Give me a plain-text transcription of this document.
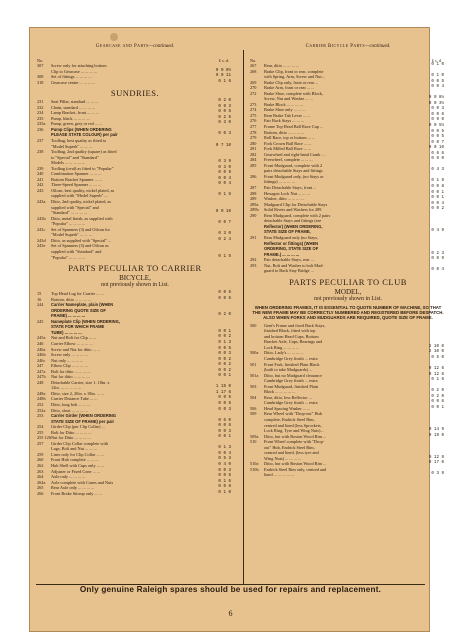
Gearcase and Parts—continued.
No.	£ s. d.
307	Screw only for attaching bottom
Clip to Gearcase ... ... ... ...	0 0 0½
308	Set of fittings ... ... ... ...	0 0 11
318	Gearcase centre ... ... ... ...	0 1 6
SUNDRIES.
231	Seat Pillar, standard ... ... ...	0 2 0
232	Chain, standard ... ... ... ...	0 9 3
234	Lamp Bracket, front ... ... ...	0 0 6
235	Pump, black ... ... ... ...	0 2 6
235a	Pump, green, grey or red ... ...	0 3 0
236	Pump Clips (WHEN ORDERING
PLEASE STATE COLOUR) per pair	0 0 3
237	Toolbag, best quality as fitted to
"Model Superb" ... ... ...	0 7 10
238	Toolbag, 2nd quality (square) as fitted
to "Special" and "Standard"
Models ... ... ... ... ...	0 3 9
239	Toolbag (oval) as fitted to "Popular"	0 3 0
240	Combination Spanner ... ... ...	0 0 9
241	Bottom Bracket Spanner ... ...	0 0 4
242	Three-Speed Spanner ... ... ...	0 0 4
243	Oilcan, best quality, nickel plated, as
supplied with "Model Superb" ...	0 1 6
243a	Ditto, 2nd quality, nickel plated, as
supplied with "Special" and
"Standard" ... ... ... ...	0 0 10
243b	Ditto, metal finish, as supplied with
"Popular" ... ... ... ...	0 0 7
243c	Set of Spanners (3) and Oilcan for
"Model Superb" ... ... ...	0 3 0
243d	Ditto, as supplied with "Special" ...	0 2 4
243e	Set of Spanners (3) and Oilcan as
supplied with "Standard" and
"Popular" ... ... ... ...	0 1 5
PARTS PECULIAR TO CARRIER
BICYCLE,
not previously shown in List.
15	Top Head Lug for Carrier ... ...	0 0 6
16	Bottom, ditto ... ... ... ...	0 0 6
244	Carrier Nameplate, plain (WHEN
ORDERING QUOTE SIZE OF
FRAME) ... ... ... ...	0 2 0
245	Nameplate Clip (WHEN ORDERING,
STATE FOR WHICH FRAME
TUBE) ... ... ... ...	0 0 1
245a	Nut and Bolt for Clip ... ...	0 0 2
246	Carrier Elbow ... ... ... ...	0 1 3
246a	Screw and Nut for ditto ... ...	0 0 5
246b	Screw only ... ... ... ...	0 0 3
246c	Nut only ... ... ... ...	0 0 2
247	Elbow Clip ... ... ... ...	0 0 2
247a	Bolt for ditto ... ... ... ...	0 0 2
247b	Nut for ditto ... ... ... ...	0 0 1
248	Detachable Carrier, size 1, 18in. x
12in. ... ... ... ... ...	1 15 0
248a	Ditto, size 2, 20in. x 18in. ... ...	1 17 6
248b	Carrier Distance Tube ... ...	0 0 6
252	Ditto, long bolt ... ... ...	0 0 6
252a	Ditto, short ... ... ... ...	0 0 3
253	Carrier Girder (WHEN ORDERING
STATE SIZE OF FRAME) per pair	0 6 0
254	Girder Clip (per Clip Collar) ...	0 0 6
255	Bolt for Ditto ... ... ... ...	0 0 3
255 126 Nut for Ditto ... ... ... ...	0 0 1
257	Girder Clip Collar complete with
Lugs, Bolt and Nut ... ... ...	0 1 3
259	Liner only for Clip Collar ... ...	0 0 4
260	Front Hub complete ... ... ...	0 5 3
262	Hub Shell with Cups only ... ...	0 4 0
263	Adjuster or Fixed Cone ... ...	0 0 3
264	Axle only ... ... ... ...	0 0 6
264a	Axle complete with Cones and Nuts	0 1 6
265	Rear Axle only ... ... ... ...	0 0 8
266	Front Brake Stirrup only ... ...	0 1 0
Carrier Bicycle Parts—continued.
No.	£ s. d.
267	Rear, ditto ... ... ... ...	0 1 0
268	Brake Clip, front or rear, complete
with Spring, Arm, Screw and Nut...	0 1 0
269	Brake Clip only, front or rear ...	0 0 5
270	Brake Arm, front or rear ... ...	0 0 4
272	Brake Shoe, complete with Block,
Screw, Nut and Washer ... ...	0 0 8½
273	Brake Block ... ... ... ...	0 0 3½
274	Brake Shoe only ... ... ...	0 0 3
275	Rear Brake Tab Lever ... ...	0 0 6
276	Fair Back Stays ... ... ...	0 9 0
277	Frame Top Head Ball Race Cup ...	0 0 5½
278	Bottom, ditto ... ... ... ...	0 0 5
279	Roll Race, top or bottom ... ...	0 0 5
280	Fork Crown Ball Race ... ...	0 0 7
281	Fork Milled Ball Race ... ...	0 0 10
282	Gearwheel and right-hand Crank ...	0 6 6
284	Freewheel, complete ... ... ...	0 6 0
285	Front Mudguard, complete with 2
pairs detachable Stays and fittings	0 4 3
286	Front Mudguard only, (no Stays or
fittings) ... ... ... ...	0 1 9
287	Pair Detachable Stays, front ...	0 0 8
288	Hexagon Lock Nut ... ... ...	0 0 1
289	Washer, ditto ... ... ... ...	0 0 1
289a	Mudguard Clip for Detachable Stays	0 0 4
289b	Solid Rivets and Washers for 289	0 0 2
290	Rear Mudguard, complete with 2 pairs
detachable Stays and fittings (see
Reflector) (WHEN ORDERING,
STATE SIZE OF FRAME,	0 4 9
291	Rear Mudguard only (no Stays,
Reflector or fittings) (WHEN
ORDERING, STATE SIZE OF
FRAME.) ... ... ... ...	0 2 3
292	Pair detachable Stays, rear ...	0 0 9
293	Nut, Bolt and Washer to bolt Mud-
guard to Back Stay Bridge ...	0 0 4
PARTS PECULIAR TO CLUB
MODEL,
not previously shown in List.
WHEN ORDERING FRAMES, IT IS ESSENTIAL TO QUOTE NUMBER OF MACHINE, SO THAT THE NEW FRAME MAY BE CORRECTLY NUMBERED AND REGISTERED BEFORE DESPATCH. ALSO WHEN FORKS AND MUDGUARDS ARE REQUIRED, QUOTE SIZE OF FRAME.
500	Gent's Frame and fixed Back Stays,
finished Black, fitted with top
and bottom Head Cups, Bottom
Bracket Axle, Cups, Bearings and
Lock Ring ... ... ... ...	2 10 0
500a	Ditto, Lady's ... ... ... ...	2 10 0
Cambridge Grey finish ... extra	0 5 0
501	Front Fork, finished Plain Black
(built to take Mudguards) ...	0 12 6
501a	Ditto, but no Mudguard clearance	0 12 6
Cambridge Grey finish ... extra	0 1 6
503	Front Mudguard, finished Plain
Black ... ... ... ... ...	0 2 0
504	Rear, ditto, less Reflector ...	0 2 0
Cambridge Grey finish ... extra	0 0 6
506	Head Spacing Washer ... ...	0 0 1
509	Rear Wheel with "Drop-out" Hub
complete, Endrick Steel Rim,
centred and lined (less Sprockets,
Lock Ring, Tyre and Wing Nuts)...	0 14 9
509a	Ditto, but with Boston Wood Rim ...	0 19 0
510	Front Wheel complete with "Drop-
out" Hub, Endrick Steel Rim,
centred and lined, (less tyre and
Wing Nuts) ... ... ... ...	0 12 9
510a	Ditto, but with Boston Wood Rim ...	0 17 0
510b	Endrick Steel Rim only, centred and
lined ... ... ... ... ...	0 3 9
Only genuine Raleigh spares should be used for repairs and replacement.
6
